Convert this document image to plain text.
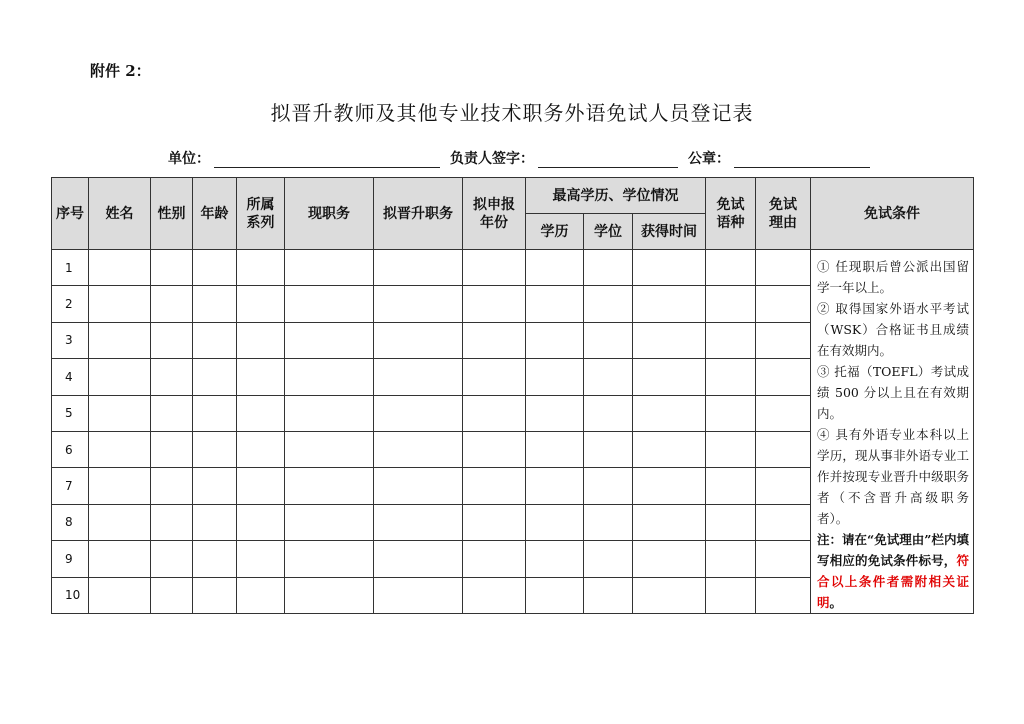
附件 2：
拟晋升教师及其他专业技术职务外语免试人员登记表
单位：	负责人签字：	公章：
序号	姓名	性别	年龄	所属系列	现职务	拟晋升职务	拟申报年份	最高学历、学位情况			免试语种	免试理由	免试条件
								学历	学位	获得时间			
1													① 任现职后曾公派出国留学一年以上。

② 取得国家外语水平考试（WSK）合格证书且成绩在有效期内。

③ 托福（TOEFL）考试成绩 500 分以上且在有效期内。

④ 具有外语专业本科以上学历，现从事非外语专业工作并按现专业晋升中级职务者（不含晋升高级职务者）。

注：请在“免试理由”栏内填写相应的免试条件标号，符合以上条件者需附相关证明。

2													
3													
4													
5													
6													
7													
8													
9													
10													
